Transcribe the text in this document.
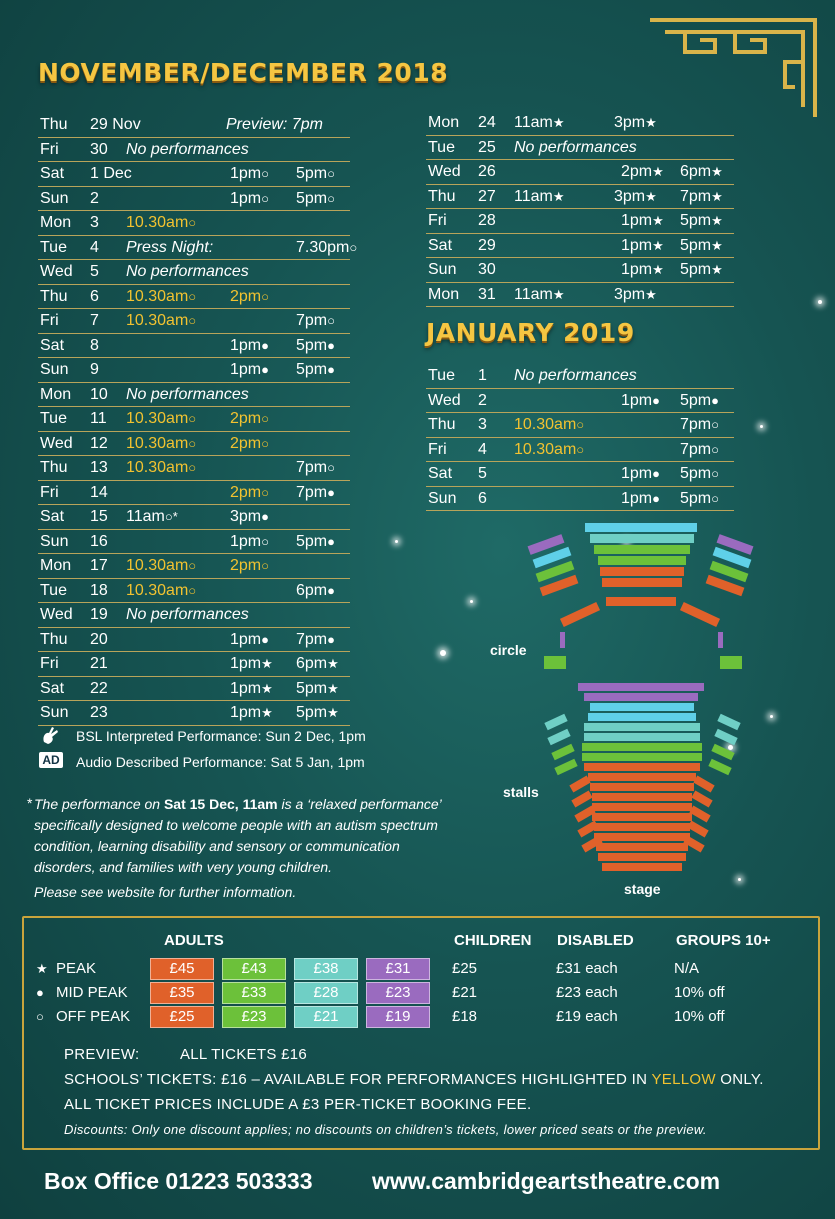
NOVEMBER/DECEMBER 2018
JANUARY 2019
Thu 29 Nov	Preview: 7pm
Fri 30 No performances
Sat 1 Dec	1pm○ 5pm○
Sun 2	1pm○ 5pm○
Mon 3 10.30am○
Tue 4 Press Night:	7.30pm○
Wed 5 No performances
Thu 6 10.30am○ 2pm○
Fri 7 10.30am○	7pm○
Sat 8	1pm● 5pm●
Sun 9	1pm● 5pm●
Mon 10 No performances
Tue 11 10.30am○ 2pm○
Wed 12 10.30am○ 2pm○
Thu 13 10.30am○	7pm○
Fri 14	2pm○ 7pm●
Sat 15 11am○*	3pm●
Sun 16	1pm○ 5pm●
Mon 17 10.30am○ 2pm○
Tue 18 10.30am○	6pm●
Wed 19 No performances
Thu 20	1pm● 7pm●
Fri 21	1pm★ 6pm★
Sat 22	1pm★ 5pm★
Sun 23	1pm★ 5pm★
Mon 24 11am★	3pm★
Tue 25 No performances
Wed 26	2pm★ 6pm★
Thu 27 11am★	3pm★ 7pm★
Fri 28	1pm★ 5pm★
Sat 29	1pm★ 5pm★
Sun 30	1pm★ 5pm★
Mon 31 11am★	3pm★
Tue 1 No performances
Wed 2	1pm● 5pm●
Thu 3 10.30am○	7pm○
Fri 4 10.30am○	7pm○
Sat 5	1pm● 5pm○
Sun 6	1pm● 5pm○
BSL Interpreted Performance: Sun 2 Dec, 1pm
AD Audio Described Performance: Sat 5 Jan, 1pm
* The performance on Sat 15 Dec, 11am is a ‘relaxed performance’ specifically designed to welcome people with an autism spectrum condition, learning disability and sensory or communication disorders, and families with very young children.
Please see website for further information.
circle
stalls
stage
ADULTS	CHILDREN DISABLED	GROUPS 10+
★ PEAK	£45	£43	£38	£31	£25	£31 each	N/A
● MID PEAK	£35	£33	£28	£23	£21	£23 each	10% off
○ OFF PEAK	£25	£23	£21	£19	£18	£19 each	10% off
PREVIEW:	ALL TICKETS £16
SCHOOLS’ TICKETS: £16 – AVAILABLE FOR PERFORMANCES HIGHLIGHTED IN YELLOW ONLY.
ALL TICKET PRICES INCLUDE A £3 PER-TICKET BOOKING FEE.
Discounts: Only one discount applies; no discounts on children’s tickets, lower priced seats or the preview.
Box Office 01223 503333	www.cambridgeartstheatre.com
